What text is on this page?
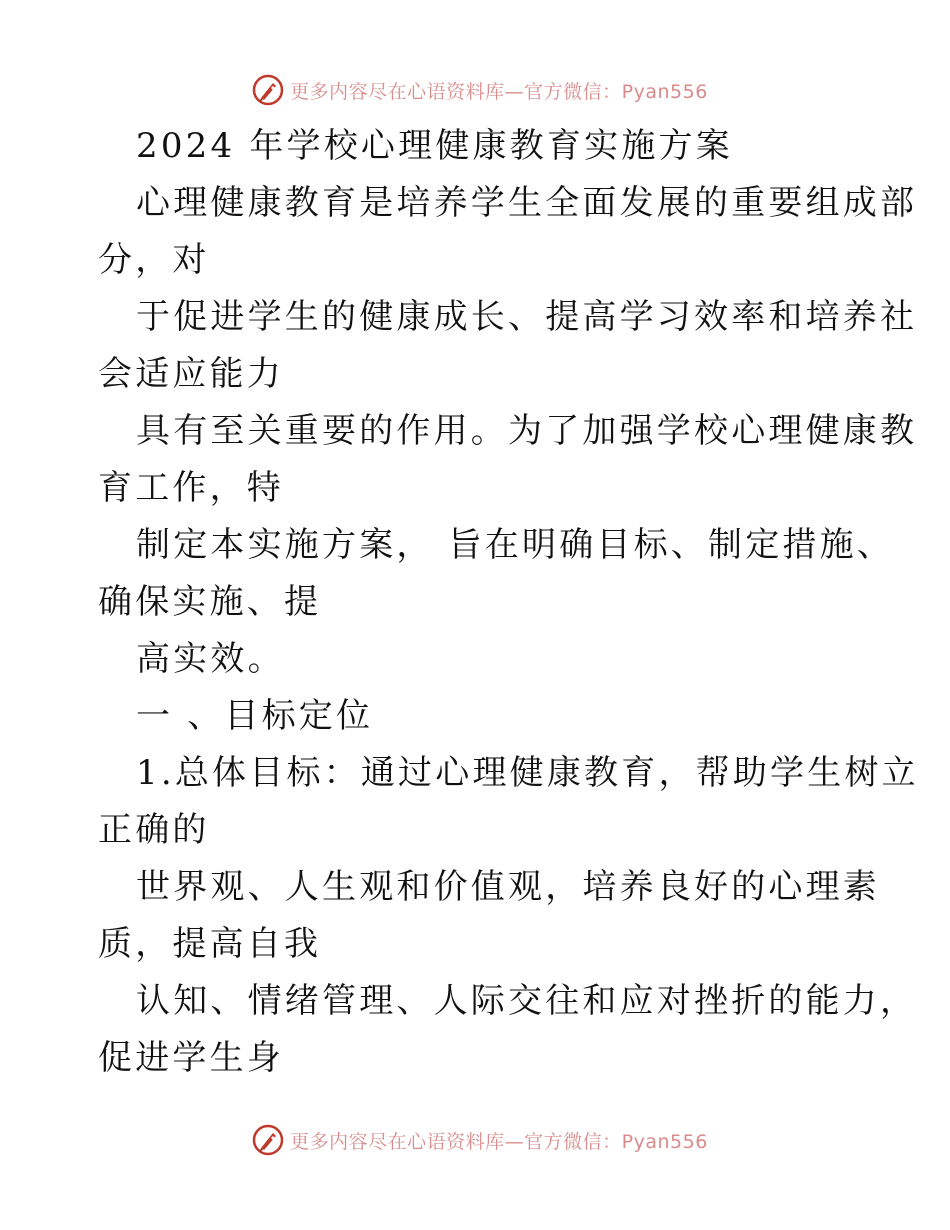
更多内容尽在心语资料库—官方微信：Pyan556
2024 年学校心理健康教育实施方案
心理健康教育是培养学生全面发展的重要组成部
分，对
于促进学生的健康成长、提高学习效率和培养社
会适应能力
具有至关重要的作用。为了加强学校心理健康教
育工作，特
制定本实施方案， 旨在明确目标、制定措施、
确保实施、提
高实效。
一 、目标定位
1.总体目标：通过心理健康教育，帮助学生树立
正确的
世界观、人生观和价值观，培养良好的心理素
质，提高自我
认知、情绪管理、人际交往和应对挫折的能力，
促进学生身
更多内容尽在心语资料库—官方微信：Pyan556
